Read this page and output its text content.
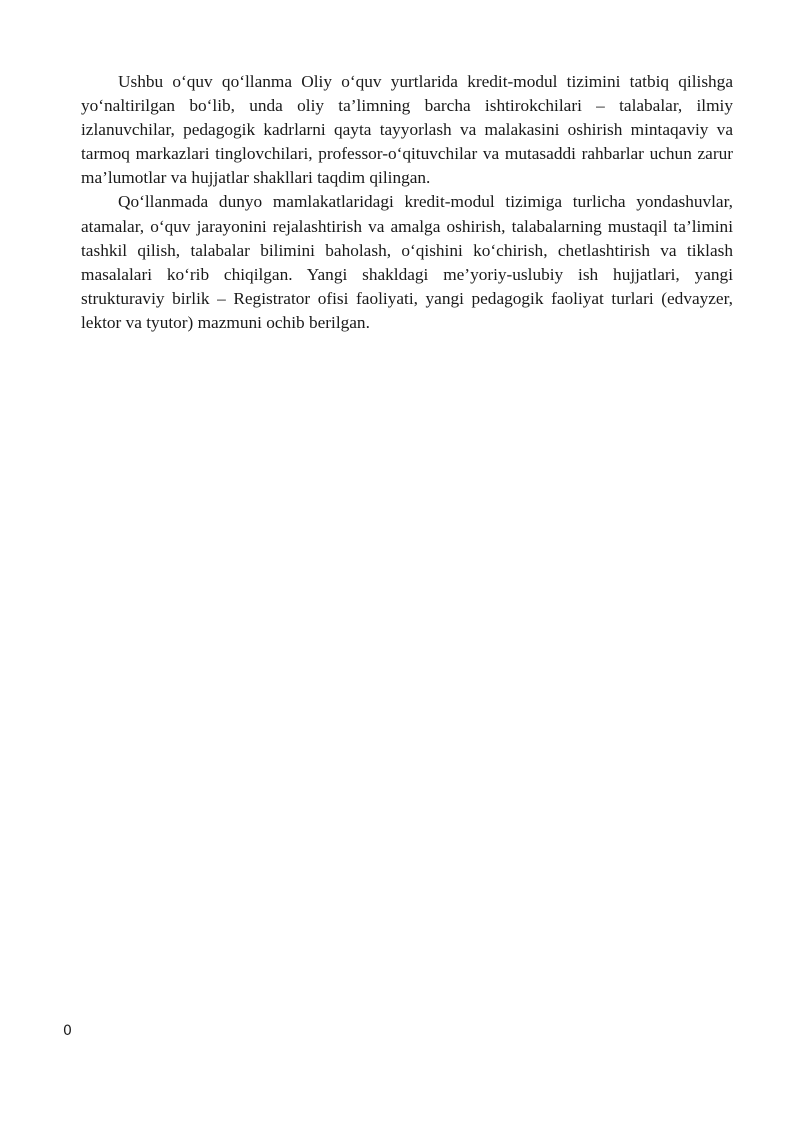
Ushbu o‘quv qo‘llanma Oliy o‘quv yurtlarida kredit-modul tizimini tatbiq qilishga yo‘naltirilgan bo‘lib, unda oliy ta’limning barcha ishtirokchilari – talabalar, ilmiy izlanuvchilar, pedagogik kadrlarni qayta tayyorlash va malakasini oshirish mintaqaviy va tarmoq markazlari tinglovchilari, professor-o‘qituvchilar va mutasaddi rahbarlar uchun zarur ma’lumotlar va hujjatlar shakllari taqdim qilingan.

Qo‘llanmada dunyo mamlakatlaridagi kredit-modul tizimiga turlicha yondashuvlar, atamalar, o‘quv jarayonini rejalashtirish va amalga oshirish, talabalarning mustaqil ta’limini tashkil qilish, talabalar bilimini baholash, o‘qishini ko‘chirish, chetlashtirish va tiklash masalalari ko‘rib chiqilgan. Yangi shakldagi me’yoriy-uslubiy ish hujjatlari, yangi strukturaviy birlik – Registrator ofisi faoliyati, yangi pedagogik faoliyat turlari (edvayzer, lektor va tyutor) mazmuni ochib berilgan.

0
